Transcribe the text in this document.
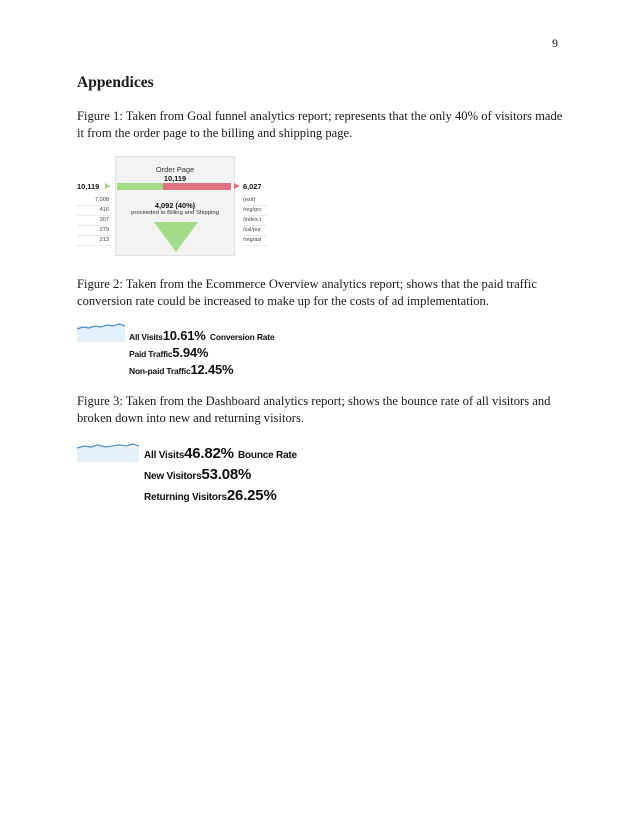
9
Appendices

Figure 1: Taken from Goal funnel analytics report; represents that the only 40% of visitors made it from the order page to the billing and shipping page.

Order Page
10,119
10,119	6,027
7,008
416
307
279
213
(exit)
/reg/prc
/index.t
/ssl/pur
/reg/asi
4,092 (40%)
proceeded to Billing and Shipping

Figure 2: Taken from the Ecommerce Overview analytics report; shows that the paid traffic conversion rate could be increased to make up for the costs of ad implementation.

All Visits10.61% Conversion Rate
Paid Traffic5.94%
Non-paid Traffic12.45%

Figure 3: Taken from the Dashboard analytics report; shows the bounce rate of all visitors and broken down into new and returning visitors.

All Visits46.82% Bounce Rate
New Visitors53.08%
Returning Visitors26.25%
